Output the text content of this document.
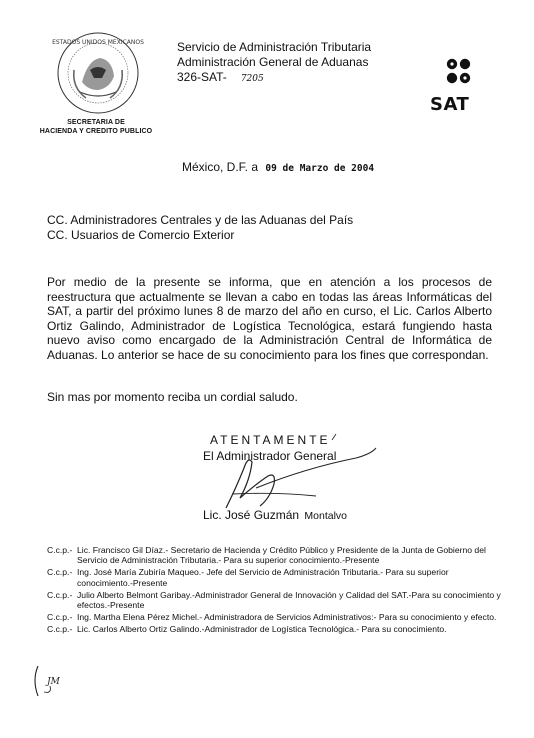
ESTADOS UNIDOS MEXICANOS
SECRETARIA DE
HACIENDA Y CREDITO PUBLICO
Servicio de Administración Tributaria
Administración General de Aduanas
326-SAT- 7205
SAT
México, D.F. a 09 de Marzo de 2004
CC. Administradores Centrales y de las Aduanas del País
CC. Usuarios de Comercio Exterior
Por medio de la presente se informa, que en atención a los procesos de reestructura que actualmente se llevan a cabo en todas las áreas Informáticas del SAT, a partir del próximo lunes 8 de marzo del año en curso, el Lic. Carlos Alberto Ortiz Galindo, Administrador de Logística Tecnológica, estará fungiendo hasta nuevo aviso como encargado de la Administración Central de Informática de Aduanas. Lo anterior se hace de su conocimiento para los fines que correspondan.
Sin mas por momento reciba un cordial saludo.
ATENTAMENTE
El Administrador General
Lic. José Guzmán Montalvo
C.c.p.- Lic. Francisco Gil Díaz.- Secretario de Hacienda y Crédito Público y Presidente de la Junta de Gobierno del Servicio de Administración Tributaria.- Para su superior conocimiento.-Presente
C.c.p.- Ing. José María Zubiría Maqueo.- Jefe del Servicio de Administración Tributaria.- Para su superior conocimiento.-Presente
C.c.p.- Julio Alberto Belmont Garibay.-Administrador General de Innovación y Calidad del SAT.-Para su conocimiento y efectos.-Presente
C.c.p.- Ing. Martha Elena Pérez Michel.- Administradora de Servicios Administrativos:- Para su conocimiento y efecto.
C.c.p.- Lic. Carlos Alberto Ortiz Galindo.-Administrador de Logística Tecnológica.- Para su conocimiento.
JM
